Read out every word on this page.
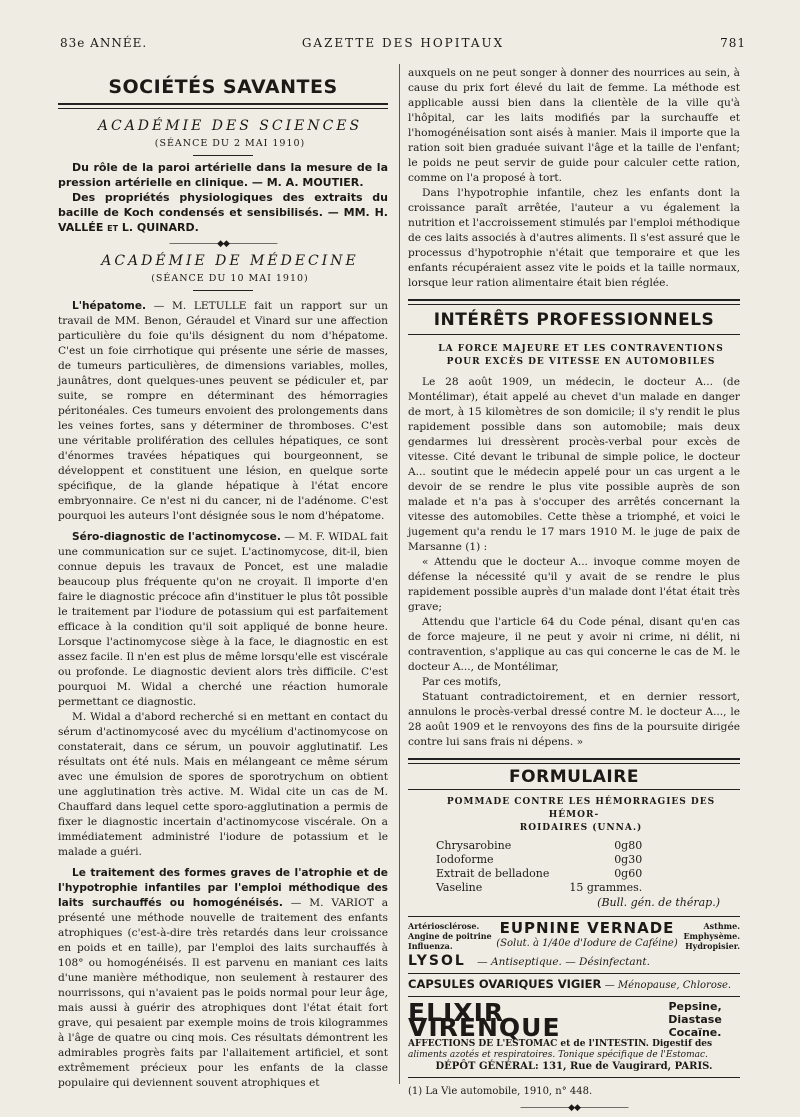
83e ANNÉE.	GAZETTE DES HOPITAUX	781
SOCIÉTÉS SAVANTES

ACADÉMIE DES SCIENCES

(SÉANCE DU 2 MAI 1910)

Du rôle de la paroi artérielle dans la mesure de la pression artérielle en clinique. — M. A. MOUTIER.

Des propriétés physiologiques des extraits du bacille de Koch condensés et sensibilisés. — MM. H. VALLÉE et L. QUINARD.

——————◆◆——————

ACADÉMIE DE MÉDECINE

(SÉANCE DU 10 MAI 1910)

L'hépatome. — M. LETULLE fait un rapport sur un travail de MM. Benon, Géraudel et Vinard sur une affection particulière du foie qu'ils désignent du nom d'hépatome. C'est un foie cirrhotique qui présente une série de masses, de tumeurs particulières, de dimensions variables, molles, jaunâtres, dont quelques-unes peuvent se pédiculer et, par suite, se rompre en déterminant des hémorragies péritonéales. Ces tumeurs envoient des prolongements dans les veines fortes, sans y déterminer de thromboses. C'est une véritable prolifération des cellules hépatiques, ce sont d'énormes travées hépatiques qui bourgeonnent, se développent et constituent une lésion, en quelque sorte spécifique, de la glande hépatique à l'état encore embryonnaire. Ce n'est ni du cancer, ni de l'adénome. C'est pourquoi les auteurs l'ont désignée sous le nom d'hépatome.

Séro-diagnostic de l'actinomycose. — M. F. WIDAL fait une communication sur ce sujet. L'actinomycose, dit-il, bien connue depuis les travaux de Poncet, est une maladie beaucoup plus fréquente qu'on ne croyait. Il importe d'en faire le diagnostic précoce afin d'instituer le plus tôt possible le traitement par l'iodure de potassium qui est parfaitement efficace à la condition qu'il soit appliqué de bonne heure. Lorsque l'actinomycose siège à la face, le diagnostic en est assez facile. Il n'en est plus de même lorsqu'elle est viscérale ou profonde. Le diagnostic devient alors très difficile. C'est pourquoi M. Widal a cherché une réaction humorale permettant ce diagnostic.

M. Widal a d'abord recherché si en mettant en contact du sérum d'actinomycosé avec du mycélium d'actinomycose on constaterait, dans ce sérum, un pouvoir agglutinatif. Les résultats ont été nuls. Mais en mélangeant ce même sérum avec une émulsion de spores de sporotrychum on obtient une agglutination très active. M. Widal cite un cas de M. Chauffard dans lequel cette sporo-agglutination a permis de fixer le diagnostic incertain d'actinomycose viscérale. On a immédiatement administré l'iodure de potassium et le malade a guéri.

Le traitement des formes graves de l'atrophie et de l'hypotrophie infantiles par l'emploi méthodique des laits surchauffés ou homogénéisés. — M. VARIOT a présenté une méthode nouvelle de traitement des enfants atrophiques (c'est-à-dire très retardés dans leur croissance en poids et en taille), par l'emploi des laits surchauffés à 108° ou homogénéisés. Il est parvenu en maniant ces laits d'une manière méthodique, non seulement à restaurer des nourrissons, qui n'avaient pas le poids normal pour leur âge, mais aussi à guérir des atrophiques dont l'état était fort grave, qui pesaient par exemple moins de trois kilogrammes à l'âge de quatre ou cinq mois. Ces résultats démontrent les admirables progrès faits par l'allaitement artificiel, et sont extrêmement précieux pour les enfants de la classe populaire qui deviennent souvent atrophiques et

auxquels on ne peut songer à donner des nourrices au sein, à cause du prix fort élevé du lait de femme. La méthode est applicable aussi bien dans la clientèle de la ville qu'à l'hôpital, car les laits modifiés par la surchauffe et l'homogénéisation sont aisés à manier. Mais il importe que la ration soit bien graduée suivant l'âge et la taille de l'enfant; le poids ne peut servir de guide pour calculer cette ration, comme on l'a proposé à tort.

Dans l'hypotrophie infantile, chez les enfants dont la croissance paraît arrêtée, l'auteur a vu également la nutrition et l'accroissement stimulés par l'emploi méthodique de ces laits associés à d'autres aliments. Il s'est assuré que le processus d'hypotrophie n'était que temporaire et que les enfants récupéraient assez vite le poids et la taille normaux, lorsque leur ration alimentaire était bien réglée.

INTÉRÊTS PROFESSIONNELS

LA FORCE MAJEURE ET LES CONTRAVENTIONS

POUR EXCÈS DE VITESSE EN AUTOMOBILES

Le 28 août 1909, un médecin, le docteur A... (de Montélimar), était appelé au chevet d'un malade en danger de mort, à 15 kilomètres de son domicile; il s'y rendit le plus rapidement possible dans son automobile; mais deux gendarmes lui dressèrent procès-verbal pour excès de vitesse. Cité devant le tribunal de simple police, le docteur A... soutint que le médecin appelé pour un cas urgent a le devoir de se rendre le plus vite possible auprès de son malade et n'a pas à s'occuper des arrêtés concernant la vitesse des automobiles. Cette thèse a triomphé, et voici le jugement qu'a rendu le 17 mars 1910 M. le juge de paix de Marsanne (1) :

« Attendu que le docteur A... invoque comme moyen de défense la nécessité qu'il y avait de se rendre le plus rapidement possible auprès d'un malade dont l'état était très grave;

Attendu que l'article 64 du Code pénal, disant qu'en cas de force majeure, il ne peut y avoir ni crime, ni délit, ni contravention, s'applique au cas qui concerne le cas de M. le docteur A..., de Montélimar,

Par ces motifs,

Statuant contradictoirement, et en dernier ressort, annulons le procès-verbal dressé contre M. le docteur A..., le 28 août 1909 et le renvoyons des fins de la poursuite dirigée contre lui sans frais ni dépens. »

FORMULAIRE

POMMADE CONTRE LES HÉMORRAGIES DES HÉMOR-

ROIDAIRES (UNNA.)

Chrysarobine	0g80
Iodoforme	0g30
Extrait de belladone	0g60
Vaseline	15 grammes.

(Bull. gén. de thérap.)

Artériosclérose. Angine de poitrine Influenza.
EUPNINE VERNADE
(Solut. à 1/40e d'Iodure de Caféine)
Asthme. Emphysème. Hydropisier.
LYSOL — Antiseptique. — Désinfectant.
CAPSULES OVARIQUES VIGIER — Ménopause, Chlorose.
ELIXIR VIRENQUE
Pepsine, Diastase Cocaïne.
AFFECTIONS DE L'ESTOMAC et de l'INTESTIN. Digestif des
aliments azotés et respiratoires. Tonique spécifique de l'Estomac.
DÉPÔT GÉNÉRAL: 131, Rue de Vaugirard, PARIS.

(1) La Vie automobile, 1910, n° 448.

——————◆◆——————
